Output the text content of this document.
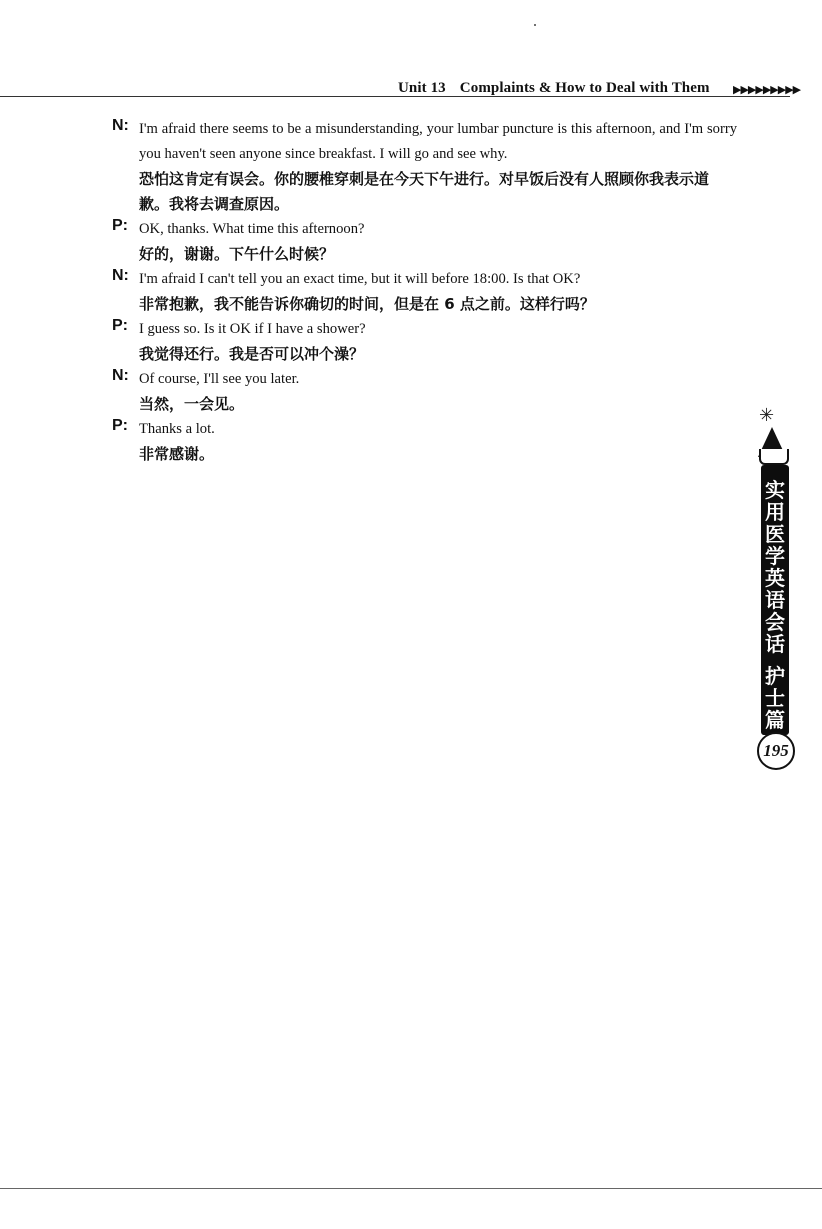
Unit 13 Complaints & How to Deal with Them ▶▶▶▶▶▶▶▶▶
N: I'm afraid there seems to be a misunderstanding, your lumbar puncture is this afternoon, and I'm sorry you haven't seen anyone since breakfast. I will go and see why.
恐怕这肯定有误会。你的腰椎穿刺是在今天下午进行。对早饭后没有人照顾你我表示道歉。我将去调查原因。
P: OK, thanks. What time this afternoon?
好的，谢谢。下午什么时候？
N: I'm afraid I can't tell you an exact time, but it will before 18:00. Is that OK?
非常抱歉，我不能告诉你确切的时间，但是在 6 点之前。这样行吗？
P: I guess so. Is it OK if I have a shower?
我觉得还行。我是否可以冲个澡？
N: Of course, I'll see you later.
当然，一会见。
P: Thanks a lot.
非常感谢。
✳
实用医学英语会话
护士篇
195
